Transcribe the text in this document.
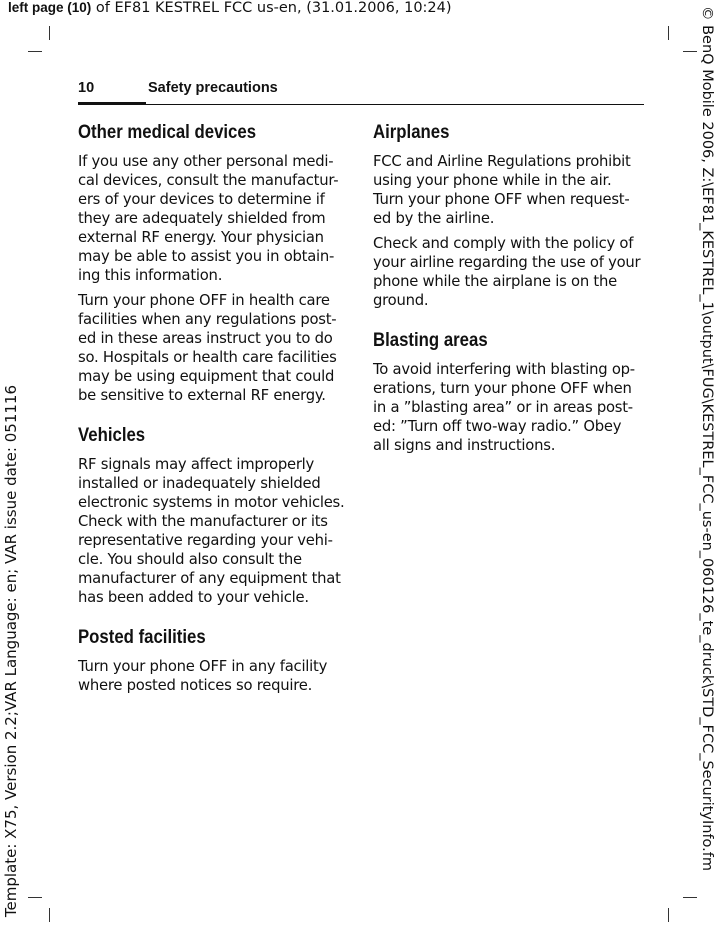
left page (10) of EF81 KESTREL FCC us-en, (31.01.2006, 10:24)
Template: X75, Version 2.2;VAR Language: en; VAR issue date: 051116	© BenQ Mobile 2006, Z:\EF81_KESTREL_1\output\FUG\KESTREL_FCC_us-en_060126_te_druck\STD_FCC_SecurityInfo.fm
10	Safety precautions
Other medical devices

If you use any other personal medi-
cal devices, consult the manufactur-
ers of your devices to determine if
they are adequately shielded from
external RF energy. Your physician
may be able to assist you in obtain-
ing this information.

Turn your phone OFF in health care
facilities when any regulations post-
ed in these areas instruct you to do
so. Hospitals or health care facilities
may be using equipment that could
be sensitive to external RF energy.

Vehicles

RF signals may affect improperly
installed or inadequately shielded
electronic systems in motor vehicles.
Check with the manufacturer or its
representative regarding your vehi-
cle. You should also consult the
manufacturer of any equipment that
has been added to your vehicle.

Posted facilities

Turn your phone OFF in any facility
where posted notices so require.

Airplanes

FCC and Airline Regulations prohibit
using your phone while in the air.
Turn your phone OFF when request-
ed by the airline.

Check and comply with the policy of
your airline regarding the use of your
phone while the airplane is on the
ground.

Blasting areas

To avoid interfering with blasting op-
erations, turn your phone OFF when
in a ”blasting area” or in areas post-
ed: ”Turn off two-way radio.” Obey
all signs and instructions.
